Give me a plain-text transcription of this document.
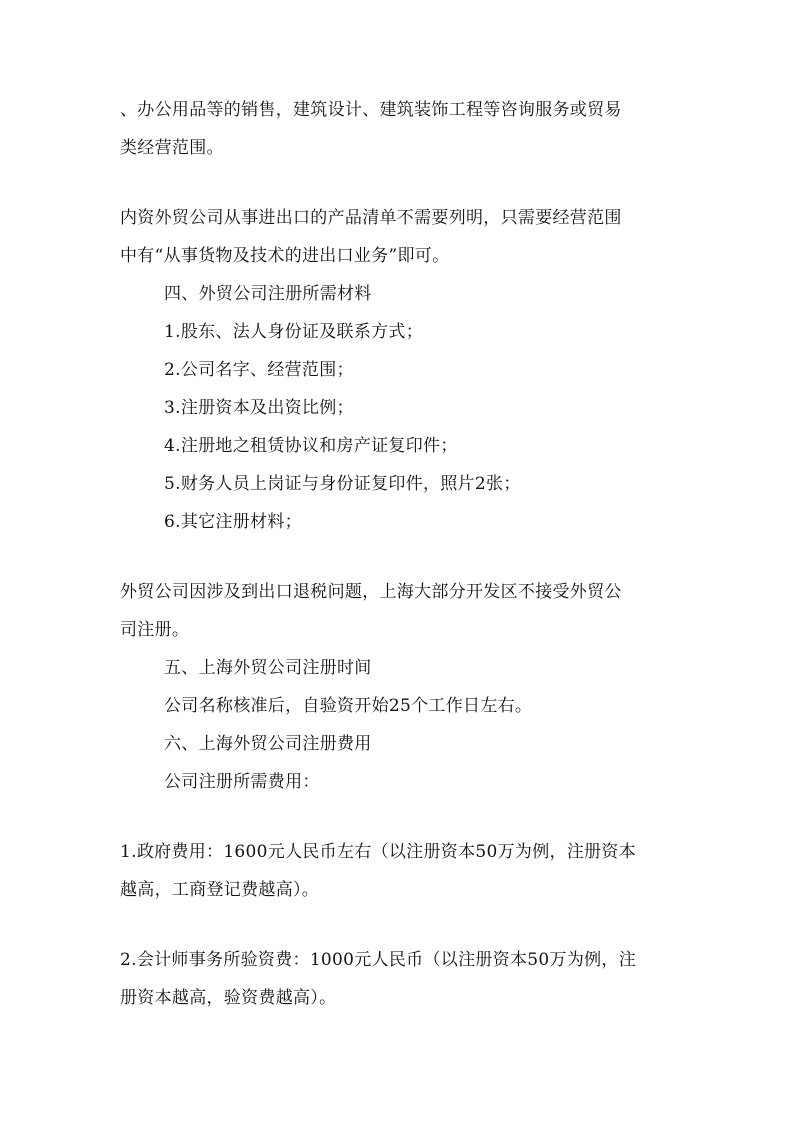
、办公用品等的销售，建筑设计、建筑装饰工程等咨询服务或贸易
类经营范围。
内资外贸公司从事进出口的产品清单不需要列明，只需要经营范围
中有“从事货物及技术的进出口业务”即可。
四、外贸公司注册所需材料
1.股东、法人身份证及联系方式；
2.公司名字、经营范围；
3.注册资本及出资比例；
4.注册地之租赁协议和房产证复印件；
5.财务人员上岗证与身份证复印件，照片2张；
6.其它注册材料；
外贸公司因涉及到出口退税问题，上海大部分开发区不接受外贸公
司注册。
五、上海外贸公司注册时间
公司名称核准后，自验资开始25个工作日左右。
六、上海外贸公司注册费用
公司注册所需费用：
1.政府费用：1600元人民币左右（以注册资本50万为例，注册资本
越高，工商登记费越高）。
2.会计师事务所验资费：1000元人民币（以注册资本50万为例，注
册资本越高，验资费越高）。
